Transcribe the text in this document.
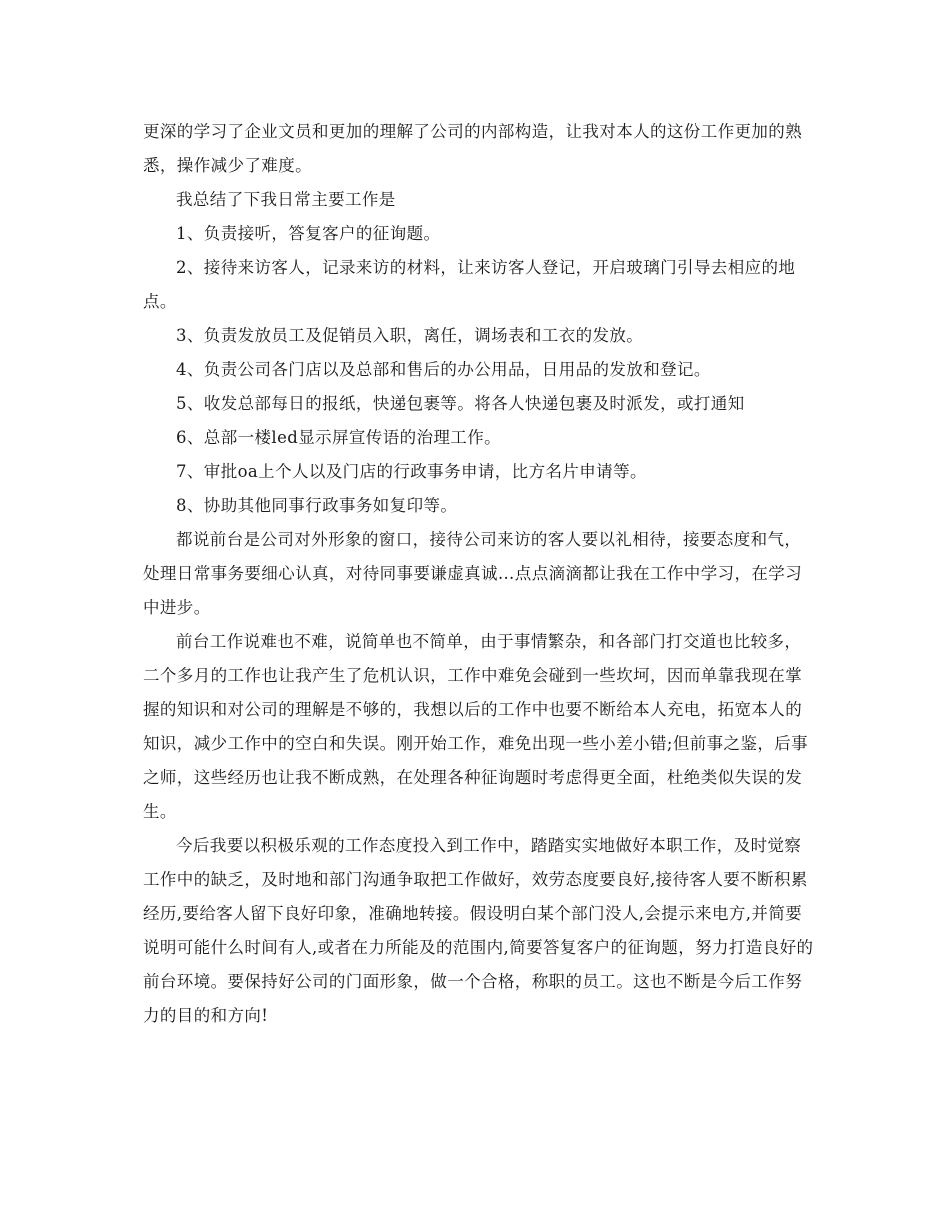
更深的学习了企业文员和更加的理解了公司的内部构造，让我对本人的这份工作更加的熟悉，操作减少了难度。

我总结了下我日常主要工作是

1、负责接听，答复客户的征询题。

2、接待来访客人，记录来访的材料，让来访客人登记，开启玻璃门引导去相应的地点。

3、负责发放员工及促销员入职，离任，调场表和工衣的发放。

4、负责公司各门店以及总部和售后的办公用品，日用品的发放和登记。

5、收发总部每日的报纸，快递包裹等。将各人快递包裹及时派发，或打通知

6、总部一楼led显示屏宣传语的治理工作。

7、审批oa上个人以及门店的行政事务申请，比方名片申请等。

8、协助其他同事行政事务如复印等。

都说前台是公司对外形象的窗口，接待公司来访的客人要以礼相待，接要态度和气，处理日常事务要细心认真，对待同事要谦虚真诚…点点滴滴都让我在工作中学习，在学习中进步。

前台工作说难也不难，说简单也不简单，由于事情繁杂，和各部门打交道也比较多，二个多月的工作也让我产生了危机认识，工作中难免会碰到一些坎坷，因而单靠我现在掌握的知识和对公司的理解是不够的，我想以后的工作中也要不断给本人充电，拓宽本人的知识，减少工作中的空白和失误。刚开始工作，难免出现一些小差小错;但前事之鉴，后事之师，这些经历也让我不断成熟，在处理各种征询题时考虑得更全面，杜绝类似失误的发生。

今后我要以积极乐观的工作态度投入到工作中，踏踏实实地做好本职工作，及时觉察工作中的缺乏，及时地和部门沟通争取把工作做好，效劳态度要良好,接待客人要不断积累经历,要给客人留下良好印象，准确地转接。假设明白某个部门没人,会提示来电方,并简要说明可能什么时间有人,或者在力所能及的范围内,简要答复客户的征询题，努力打造良好的前台环境。要保持好公司的门面形象，做一个合格，称职的员工。这也不断是今后工作努力的目的和方向!
